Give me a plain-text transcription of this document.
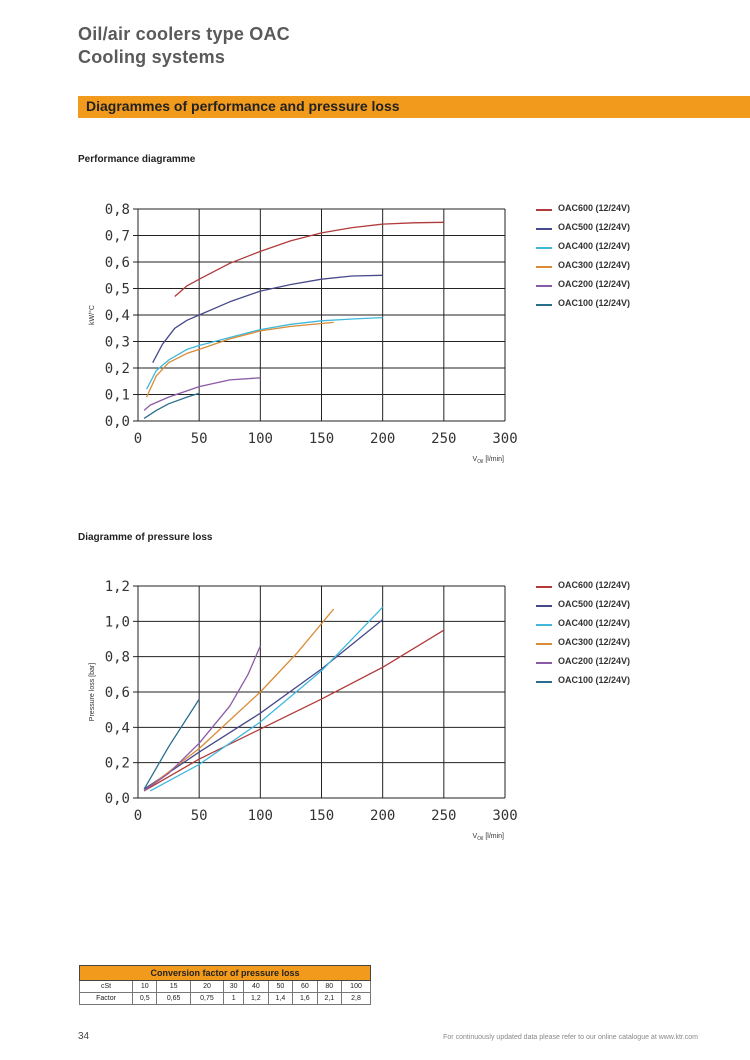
Oil/air coolers type OAC
Cooling systems
Diagrammes of performance and pressure loss
Performance diagramme
Diagramme of pressure loss
0	50	100	150	200	250	300
0,0
0,1
0,2
0,3
0,4
0,5
0,6
0,7
0,8
kW/°C
$V_{Oil}$ [l/min]
0	50	100	150	200	250	300
0,0
0,2
0,4
0,6
0,8
1,0
1,2
Pressure loss [bar]
$V_{Oil}$ [l/min]
OAC600 (12/24V)
OAC500 (12/24V)
OAC400 (12/24V)
OAC300 (12/24V)
OAC200 (12/24V)
OAC100 (12/24V)
OAC600 (12/24V)
OAC500 (12/24V)
OAC400 (12/24V)
OAC300 (12/24V)
OAC200 (12/24V)
OAC100 (12/24V)
Conversion factor of pressure loss									
cSt	10	15	20	30	40	50	60	80	100
Factor	0,5	0,65	0,75	1	1,2	1,4	1,6	2,1	2,8
34	For continuously updated data please refer to our online catalogue at www.ktr.com
